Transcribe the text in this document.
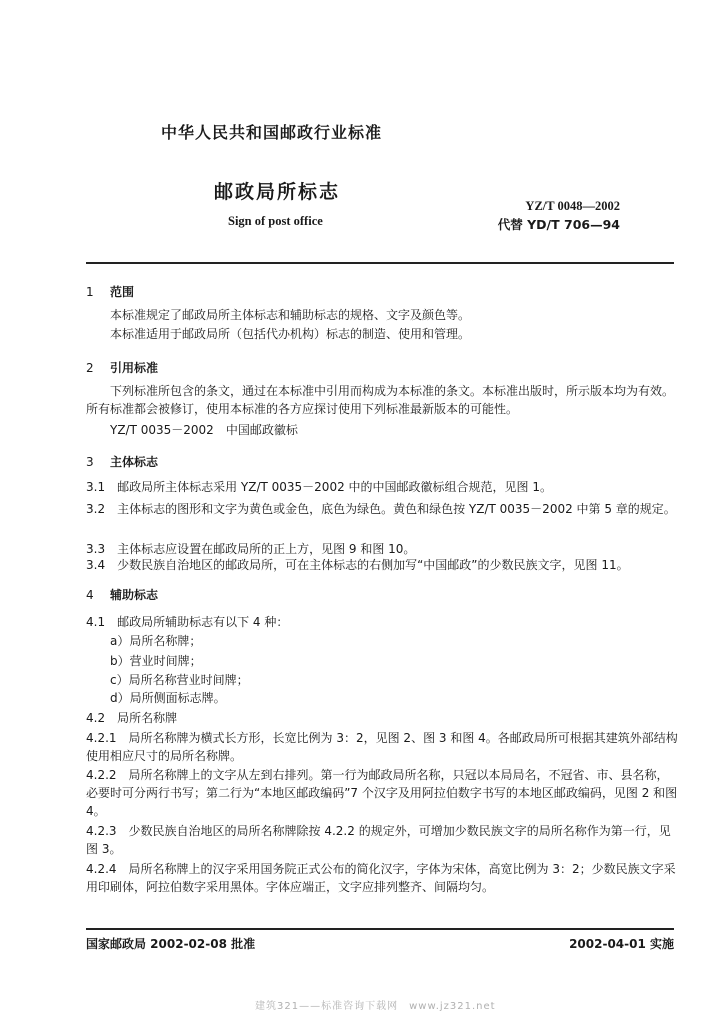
中华人民共和国邮政行业标准
邮政局所标志
YZ/T 0048—2002
Sign of post office	代替 YD/T 706—94
1 范围
本标准规定了邮政局所主体标志和辅助标志的规格、文字及颜色等。
本标准适用于邮政局所（包括代办机构）标志的制造、使用和管理。
2 引用标准
下列标准所包含的条文，通过在本标准中引用而构成为本标准的条文。本标准出版时，所示版本均为有效。所有标准都会被修订，使用本标准的各方应探讨使用下列标准最新版本的可能性。
YZ/T 0035－2002　中国邮政徽标
3 主体标志
3.1　邮政局所主体标志采用 YZ/T 0035－2002 中的中国邮政徽标组合规范，见图 1。
3.2　主体标志的图形和文字为黄色或金色，底色为绿色。黄色和绿色按 YZ/T 0035－2002 中第 5 章的规定。
3.3　主体标志应设置在邮政局所的正上方，见图 9 和图 10。
3.4　少数民族自治地区的邮政局所，可在主体标志的右侧加写“中国邮政”的少数民族文字，见图 11。
4 辅助标志
4.1　邮政局所辅助标志有以下 4 种：
a）局所名称牌；
b）营业时间牌；
c）局所名称营业时间牌；
d）局所侧面标志牌。
4.2　局所名称牌
4.2.1　局所名称牌为横式长方形，长宽比例为 3：2，见图 2、图 3 和图 4。各邮政局所可根据其建筑外部结构使用相应尺寸的局所名称牌。
4.2.2　局所名称牌上的文字从左到右排列。第一行为邮政局所名称，只冠以本局局名，不冠省、市、县名称，必要时可分两行书写；第二行为“本地区邮政编码”7 个汉字及用阿拉伯数字书写的本地区邮政编码，见图 2 和图 4。
4.2.3　少数民族自治地区的局所名称牌除按 4.2.2 的规定外，可增加少数民族文字的局所名称作为第一行，见图 3。
4.2.4　局所名称牌上的汉字采用国务院正式公布的简化汉字，字体为宋体，高宽比例为 3：2；少数民族文字采用印刷体，阿拉伯数字采用黑体。字体应端正，文字应排列整齐、间隔均匀。
国家邮政局 2002-02-08 批准	2002-04-01 实施
建筑321——标准咨询下载网　www.jz321.net
